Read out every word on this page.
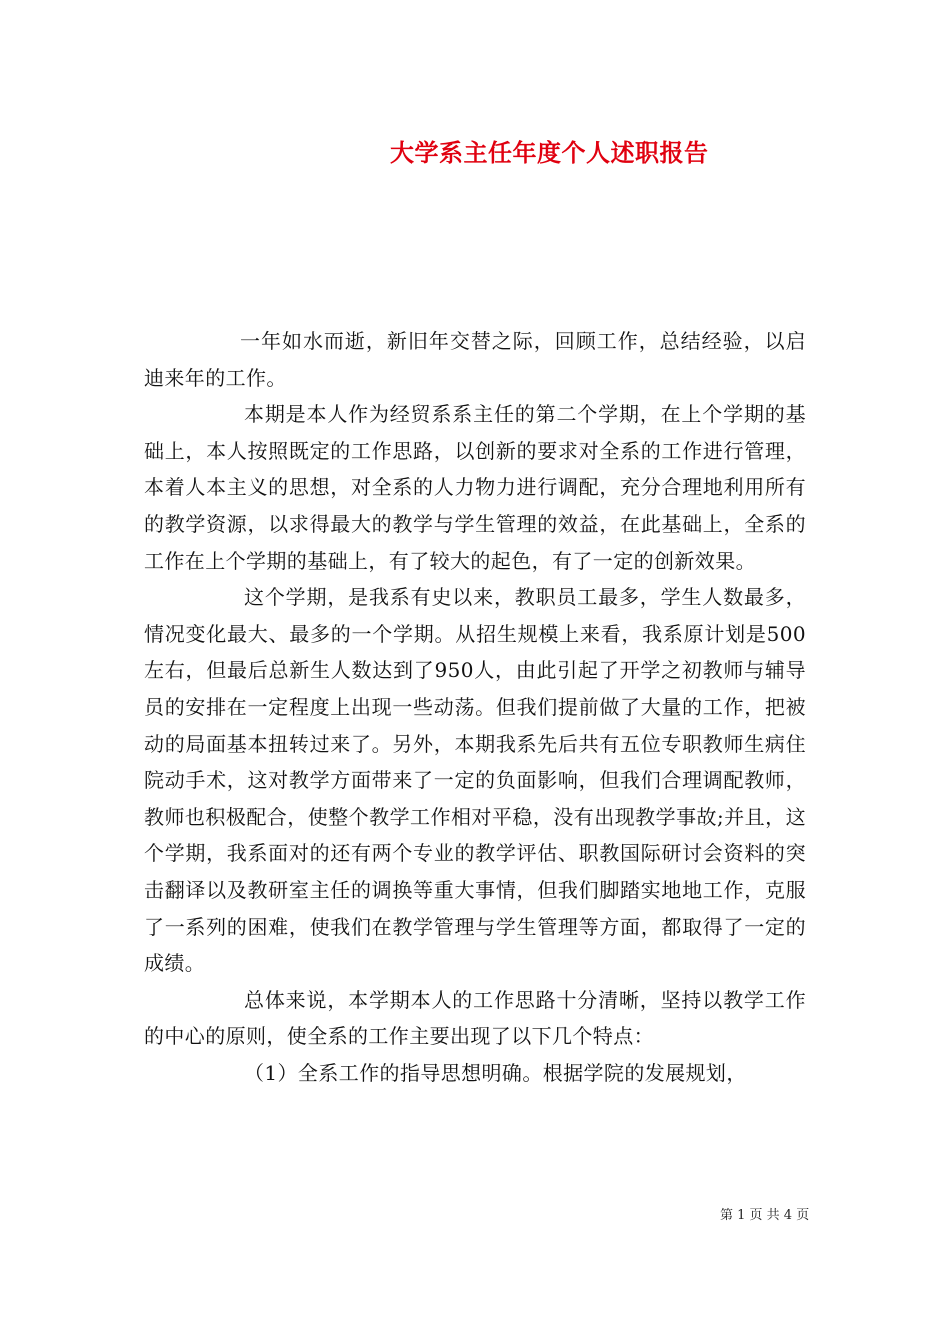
大学系主任年度个人述职报告

一年如水而逝，新旧年交替之际，回顾工作，总结经验，以启迪来年的工作。

本期是本人作为经贸系系主任的第二个学期，在上个学期的基础上，本人按照既定的工作思路，以创新的要求对全系的工作进行管理，本着人本主义的思想，对全系的人力物力进行调配，充分合理地利用所有的教学资源，以求得最大的教学与学生管理的效益，在此基础上，全系的工作在上个学期的基础上，有了较大的起色，有了一定的创新效果。

这个学期，是我系有史以来，教职员工最多，学生人数最多，情况变化最大、最多的一个学期。从招生规模上来看，我系原计划是500左右，但最后总新生人数达到了950人，由此引起了开学之初教师与辅导员的安排在一定程度上出现一些动荡。但我们提前做了大量的工作，把被动的局面基本扭转过来了。另外，本期我系先后共有五位专职教师生病住院动手术，这对教学方面带来了一定的负面影响，但我们合理调配教师，教师也积极配合，使整个教学工作相对平稳，没有出现教学事故;并且，这个学期，我系面对的还有两个专业的教学评估、职教国际研讨会资料的突击翻译以及教研室主任的调换等重大事情，但我们脚踏实地地工作，克服了一系列的困难，使我们在教学管理与学生管理等方面，都取得了一定的成绩。

总体来说，本学期本人的工作思路十分清晰，坚持以教学工作的中心的原则，使全系的工作主要出现了以下几个特点：

（1）全系工作的指导思想明确。根据学院的发展规划，

第 1 页 共 4 页
